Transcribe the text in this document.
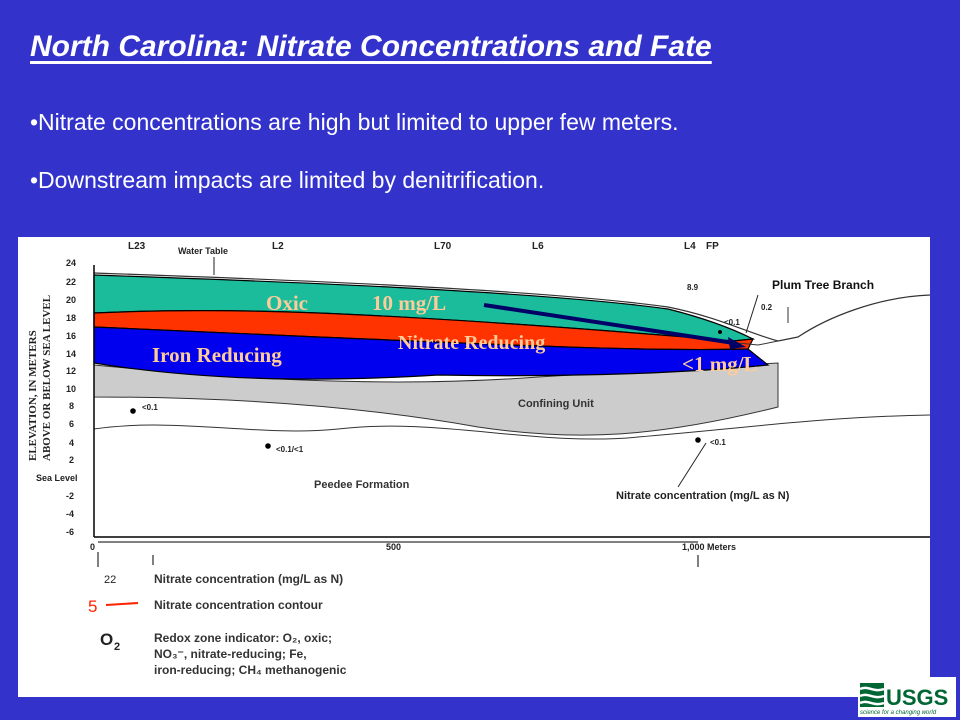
North Carolina: Nitrate Concentrations and Fate
•Nitrate concentrations are high but limited to upper few meters.
•Downstream impacts are limited by denitrification.
24
22
20
18
16
14
12
10
8
6
4
2
Sea Level
-2
-4
-6
ELEVATION, IN METERS ABOVE OR BELOW SEA LEVEL
0	500	1,000 Meters
L23	L2	L70	L6	L4 FP
Water Table
Plum Tree Branch
8.9
<0.1
0.2
<0.1
<0.1/<1
<0.1
Confining Unit
Peedee Formation
Nitrate concentration (mg/L as N)
Oxic	10 mg/L
Nitrate Reducing
Iron Reducing	<1 mg/L
22	Nitrate concentration (mg/L as N)
5	Nitrate concentration contour
O 2
Redox zone indicator: O₂, oxic;
NO₃⁻, nitrate-reducing; Fe,
iron-reducing; CH₄ methanogenic
USGS
science for a changing world
